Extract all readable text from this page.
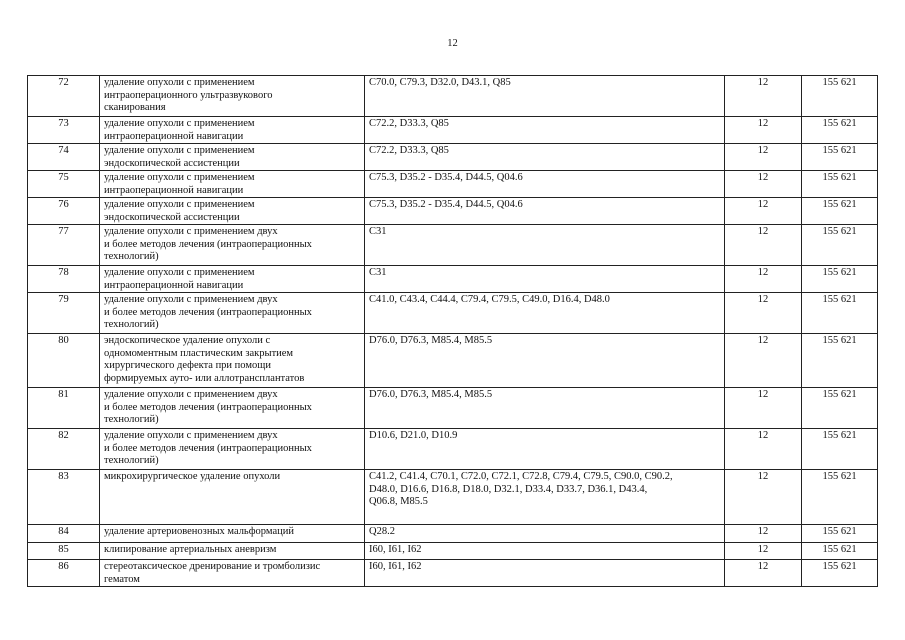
12
72	удаление опухоли с применением
интраоперационного ультразвукового
сканирования	C70.0, C79.3, D32.0, D43.1, Q85		12	155 621
73	удаление опухоли с применением
интраоперационной навигации	C72.2, D33.3, Q85		12	155 621
74	удаление опухоли с применением
эндоскопической ассистенции	C72.2, D33.3, Q85		12	155 621
75	удаление опухоли с применением
интраоперационной навигации	C75.3, D35.2 - D35.4, D44.5, Q04.6		12	155 621
76	удаление опухоли с применением
эндоскопической ассистенции	C75.3, D35.2 - D35.4, D44.5, Q04.6		12	155 621
77	удаление опухоли с применением двух
и более методов лечения (интраоперационных
технологий)	C31		12	155 621
78	удаление опухоли с применением
интраоперационной навигации	C31		12	155 621
79	удаление опухоли с применением двух
и более методов лечения (интраоперационных
технологий)	C41.0, C43.4, C44.4, C79.4, C79.5, C49.0, D16.4, D48.0		12	155 621
80	эндоскопическое удаление опухоли с
одномоментным пластическим закрытием
хирургического дефекта при помощи
формируемых ауто- или аллотрансплантатов	D76.0, D76.3, M85.4, M85.5		12	155 621
81	удаление опухоли с применением двух
и более методов лечения (интраоперационных
технологий)	D76.0, D76.3, M85.4, M85.5		12	155 621
82	удаление опухоли с применением двух
и более методов лечения (интраоперационных
технологий)	D10.6, D21.0, D10.9		12	155 621
83	микрохирургическое удаление опухоли	C41.2, C41.4, C70.1, C72.0, C72.1, C72.8, C79.4, C79.5, C90.0, C90.2,
D48.0, D16.6, D16.8, D18.0, D32.1, D33.4, D33.7, D36.1, D43.4,
Q06.8, M85.5		12	155 621
84	удаление артериовенозных мальформаций	Q28.2		12	155 621
85	клипирование артериальных аневризм	I60, I61, I62		12	155 621
86	стереотаксическое дренирование и тромболизис
гематом	I60, I61, I62		12	155 621
